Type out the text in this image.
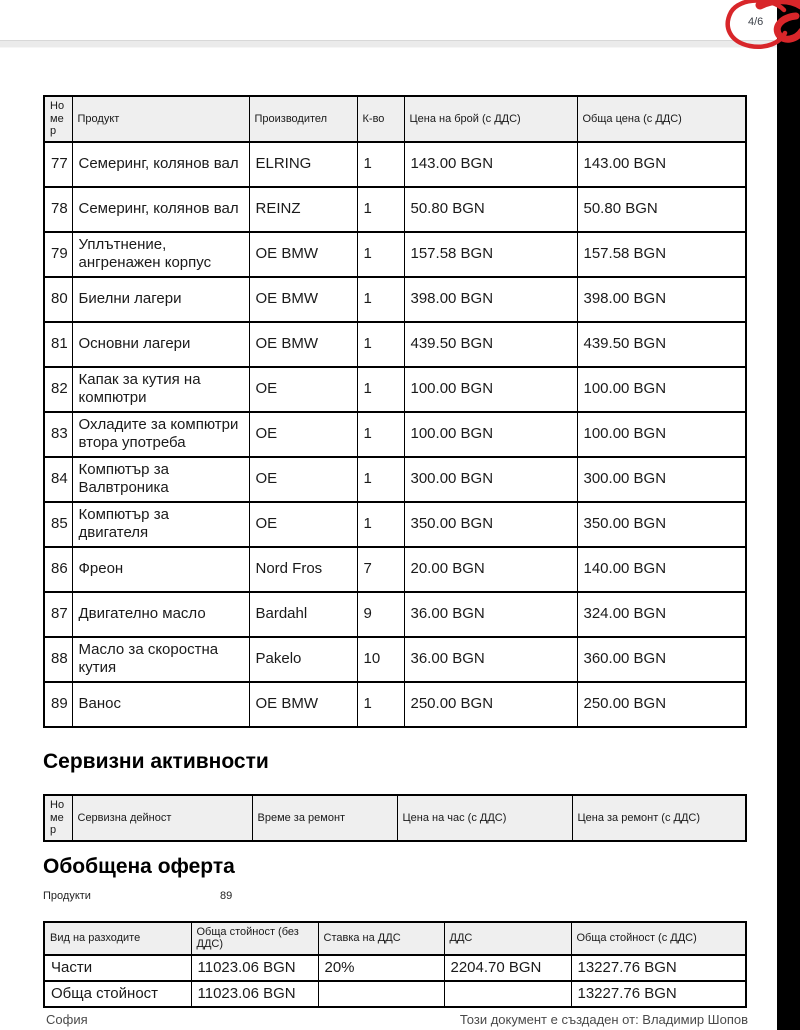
4/6
Номер	Продукт	Производител	К-во	Цена на брой (с ДДС)	Обща цена (с ДДС)
77	Семеринг, колянов вал	ELRING	1	143.00 BGN	143.00 BGN
78	Семеринг, колянов вал	REINZ	1	50.80 BGN	50.80 BGN
79	Уплътнение, ангренажен корпус	OE BMW	1	157.58 BGN	157.58 BGN
80	Биелни лагери	OE BMW	1	398.00 BGN	398.00 BGN
81	Основни лагери	OE BMW	1	439.50 BGN	439.50 BGN
82	Капак за кутия на компютри	OE	1	100.00 BGN	100.00 BGN
83	Охладите за компютри втора употреба	OE	1	100.00 BGN	100.00 BGN
84	Компютър за Валвтроника	OE	1	300.00 BGN	300.00 BGN
85	Компютър за двигателя	OE	1	350.00 BGN	350.00 BGN
86	Фреон	Nord Fros	7	20.00 BGN	140.00 BGN
87	Двигателно масло	Bardahl	9	36.00 BGN	324.00 BGN
88	Масло за скоростна кутия	Pakelo	10	36.00 BGN	360.00 BGN
89	Ванос	OE BMW	1	250.00 BGN	250.00 BGN
Сервизни активности
Номер	Сервизна дейност	Време за ремонт	Цена на час (с ДДС)	Цена за ремонт (с ДДС)
Обобщена оферта
Продукти	89
Вид на разходите	Обща стойност (без ДДС)	Ставка на ДДС	ДДС	Обща стойност (с ДДС)
Части	11023.06 BGN	20%	2204.70 BGN	13227.76 BGN
Обща стойност	11023.06 BGN			13227.76 BGN
София	Този документ е създаден от: Владимир Шопов
